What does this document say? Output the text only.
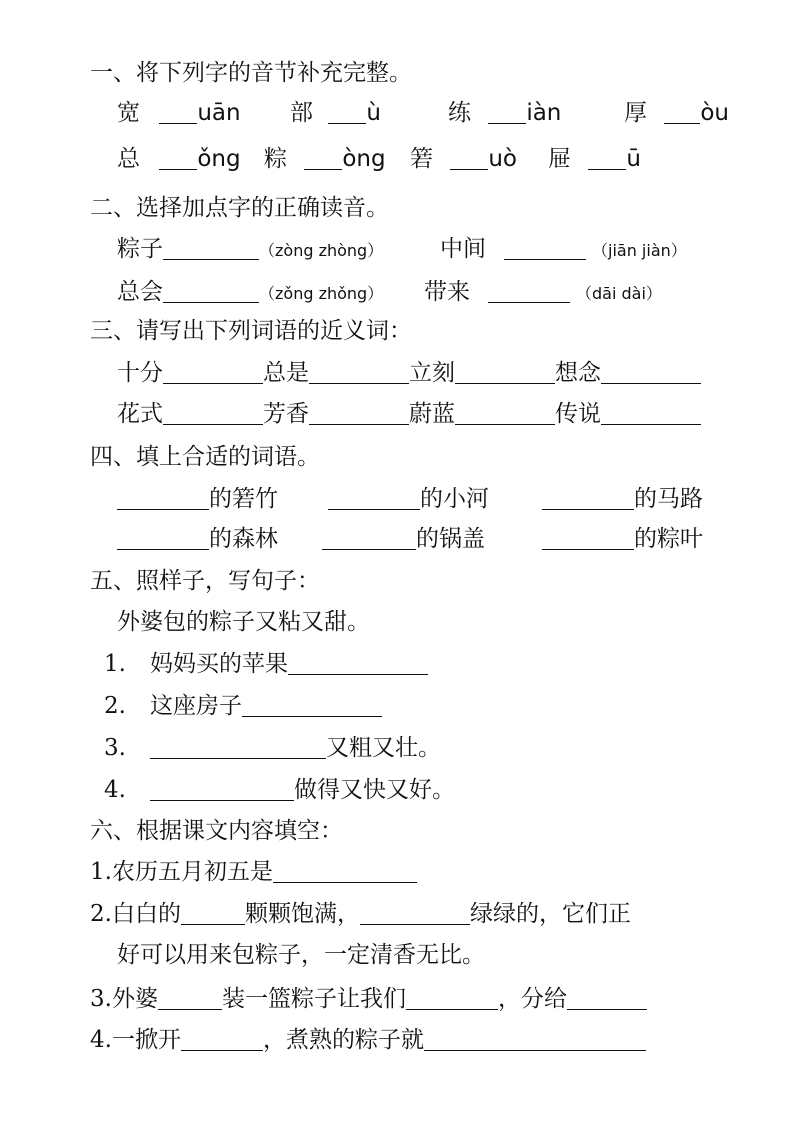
一、将下列字的音节补充完整。
宽 uān 部 ù	练 iàn	厚 òu
总 ǒng 粽 òng 箬 uò 屉 ū
二、选择加点字的正确读音。
粽子	（zòng zhòng） 中间	（jiān jiàn）
总会	（zǒng zhǒng） 带来	（dāi dài）
三、请写出下列词语的近义词：
十分	总是	立刻	想念
花式	芳香	蔚蓝	传说
四、填上合适的词语。
的箬竹	的小河	的马路
的森林	的锅盖	的粽叶
五、照样子，写句子：
外婆包的粽子又粘又甜。
1. 妈妈买的苹果
2. 这座房子
3.	又粗又壮。
4.	做得又快又好。
六、根据课文内容填空：
1.农历五月初五是
2.白白的	颗颗饱满，	绿绿的，它们正
好可以用来包粽子，一定清香无比。
3.外婆	装一篮粽子让我们	，分给
4.一掀开	，煮熟的粽子就
